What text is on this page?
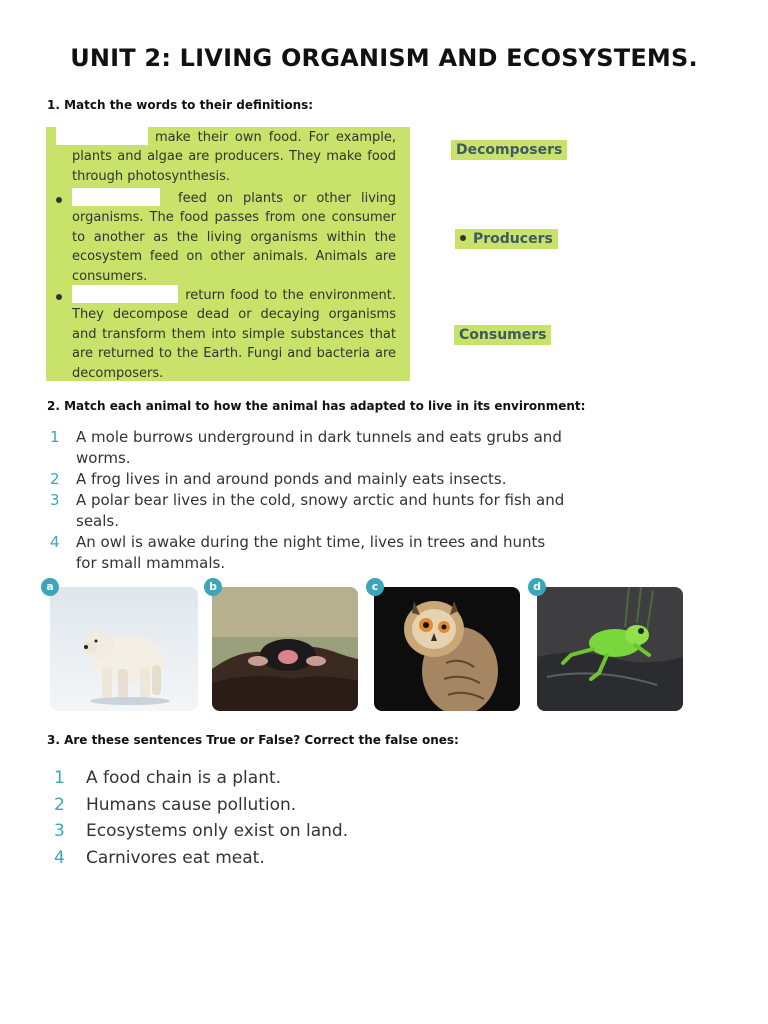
UNIT 2: LIVING ORGANISM AND ECOSYSTEMS.
1. Match the words to their definitions:

make their own food. For example, plants and algae are producers. They make food through photosynthesis.

feed on plants or other living organisms. The food passes from one consumer to another as the living organisms within the ecosystem feed on other animals. Animals are consumers.

return food to the environment. They decompose dead or decaying organisms and transform them into simple substances that are returned to the Earth. Fungi and bacteria are decomposers.

Decomposers
Producers
Consumers
2. Match each animal to how the animal has adapted to live in its environment:
1	A mole burrows underground in dark tunnels and eats grubs and worms.
2	A frog lives in and around ponds and mainly eats insects.
3	A polar bear lives in the cold, snowy arctic and hunts for fish and seals.
4	An owl is awake during the night time, lives in trees and hunts for small mammals.
a	b	c	d
3. Are these sentences True or False? Correct the false ones:
1	A food chain is a plant.
2	Humans cause pollution.
3	Ecosystems only exist on land.
4	Carnivores eat meat.
